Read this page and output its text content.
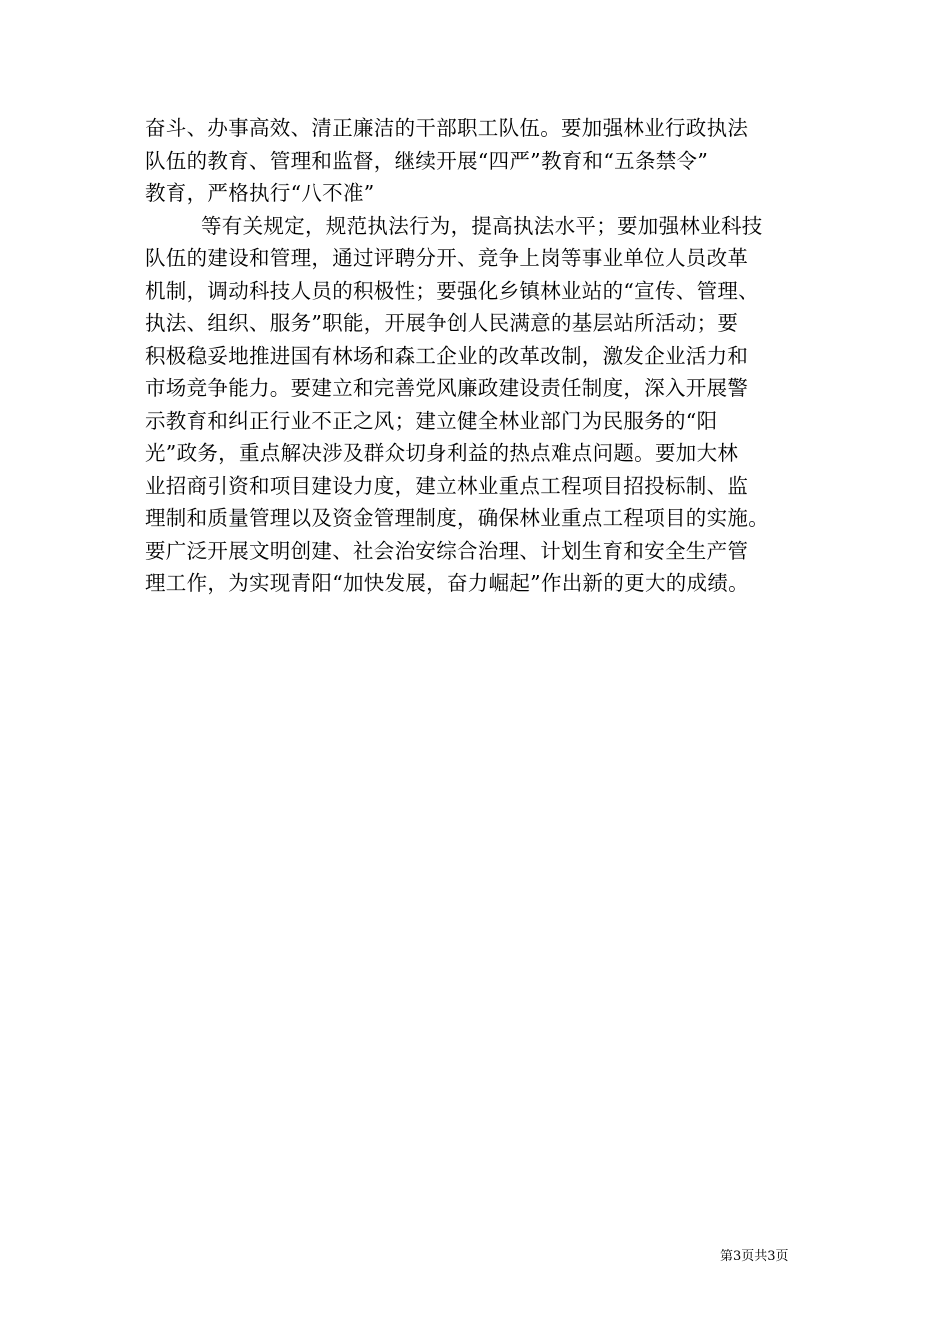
奋斗、办事高效、清正廉洁的干部职工队伍。要加强林业行政执法
队伍的教育、管理和监督，继续开展“四严”教育和“五条禁令”
教育，严格执行“八不准”
等有关规定，规范执法行为，提高执法水平；要加强林业科技
队伍的建设和管理，通过评聘分开、竞争上岗等事业单位人员改革
机制，调动科技人员的积极性；要强化乡镇林业站的“宣传、管理、
执法、组织、服务”职能，开展争创人民满意的基层站所活动；要
积极稳妥地推进国有林场和森工企业的改革改制，激发企业活力和
市场竞争能力。要建立和完善党风廉政建设责任制度，深入开展警
示教育和纠正行业不正之风；建立健全林业部门为民服务的“阳
光”政务，重点解决涉及群众切身利益的热点难点问题。要加大林
业招商引资和项目建设力度，建立林业重点工程项目招投标制、监
理制和质量管理以及资金管理制度，确保林业重点工程项目的实施。
要广泛开展文明创建、社会治安综合治理、计划生育和安全生产管
理工作，为实现青阳“加快发展，奋力崛起”作出新的更大的成绩。
第3页共3页
